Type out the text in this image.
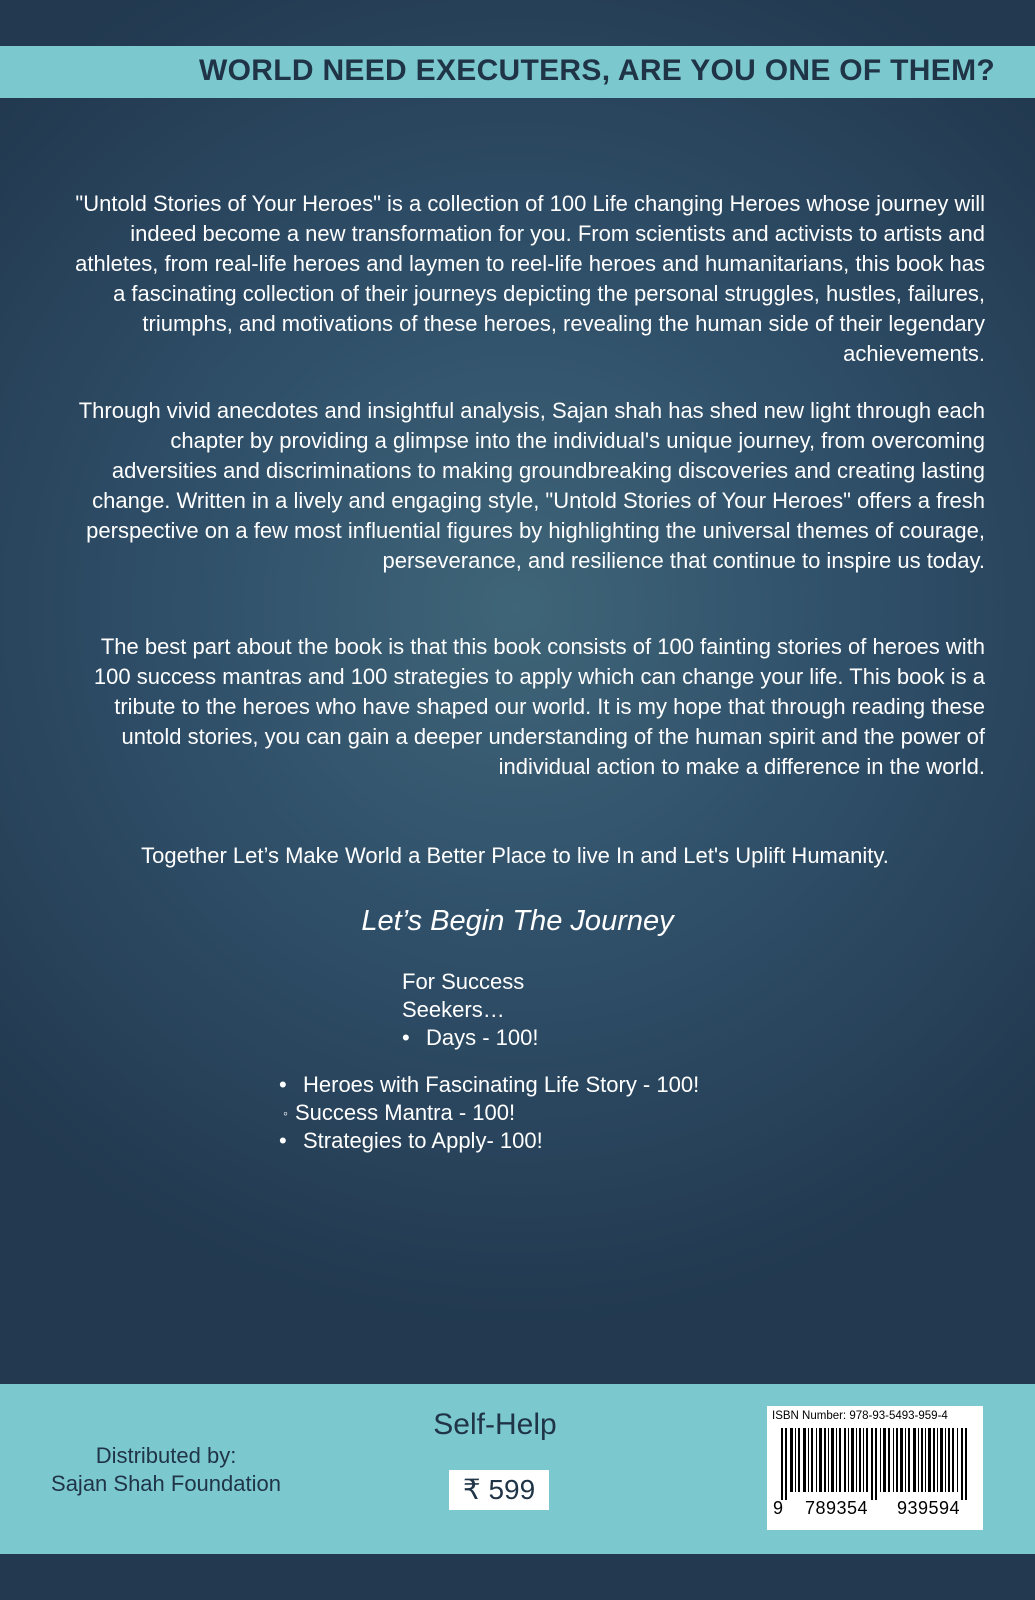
WORLD NEED EXECUTERS, ARE YOU ONE OF THEM?

"Untold Stories of Your Heroes" is a collection of 100 Life changing Heroes whose journey will indeed become a new transformation for you. From scientists and activists to artists and athletes, from real-life heroes and laymen to reel-life heroes and humanitarians, this book has a fascinating collection of their journeys depicting the personal struggles, hustles, failures, triumphs, and motivations of these heroes, revealing the human side of their legendary achievements.

Through vivid anecdotes and insightful analysis, Sajan shah has shed new light through each chapter by providing a glimpse into the individual's unique journey, from overcoming adversities and discriminations to making groundbreaking discoveries and creating lasting change. Written in a lively and engaging style, "Untold Stories of Your Heroes" offers a fresh perspective on a few most influential figures by highlighting the universal themes of courage, perseverance, and resilience that continue to inspire us today.

The best part about the book is that this book consists of 100 fainting stories of heroes with 100 success mantras and 100 strategies to apply which can change your life. This book is a tribute to the heroes who have shaped our world. It is my hope that through reading these untold stories, you can gain a deeper understanding of the human spirit and the power of individual action to make a difference in the world.

Together Let’s Make World a Better Place to live In and Let's Uplift Humanity.

Let’s Begin The Journey

For Success
Seekers…
• Days - 100!
• Heroes with Fascinating Life Story - 100!
◦ Success Mantra - 100!
• Strategies to Apply- 100!
Distributed by:
Sajan Shah Foundation
Self-Help
₹ 599
ISBN Number: 978-93-5493-959-4
9 789354 939594
